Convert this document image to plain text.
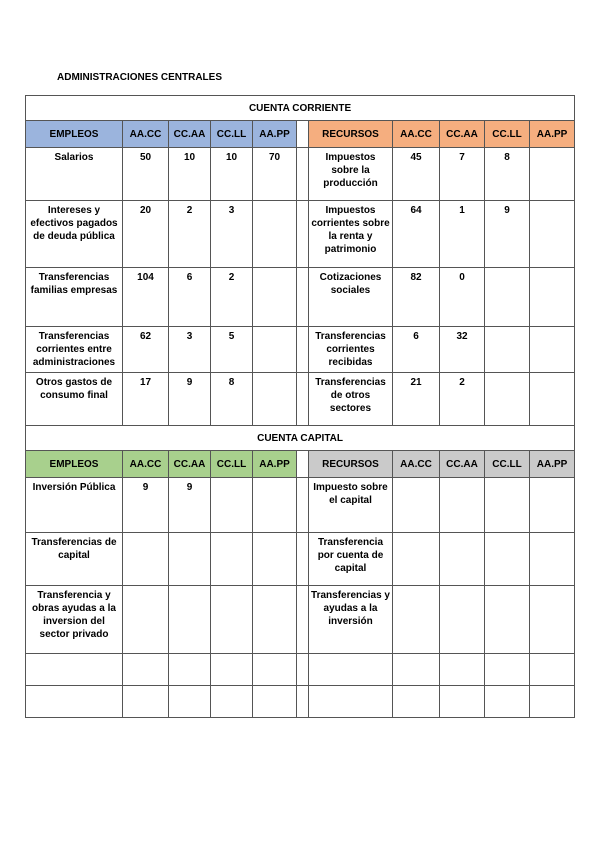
ADMINISTRACIONES CENTRALES
CUENTA CORRIENTE										
EMPLEOS	AA.CC	CC.AA	CC.LL	AA.PP		RECURSOS	AA.CC	CC.AA	CC.LL	AA.PP
Salarios	50	10	10	70		Impuestos sobre la producción	45	7	8	
Intereses y efectivos pagados de deuda pública	20	2	3			Impuestos corrientes sobre la renta y patrimonio	64	1	9	
Transferencias familias empresas	104	6	2			Cotizaciones sociales	82	0		
Transferencias corrientes entre administraciones	62	3	5			Transferencias corrientes recibidas	6	32		
Otros gastos de consumo final	17	9	8			Transferencias de otros sectores	21	2		
CUENTA CAPITAL										
EMPLEOS	AA.CC	CC.AA	CC.LL	AA.PP		RECURSOS	AA.CC	CC.AA	CC.LL	AA.PP
Inversión Pública	9	9				Impuesto sobre el capital				
Transferencias de capital						Transferencia por cuenta de capital				
Transferencia y obras ayudas a la inversion del sector privado						Transferencias y ayudas a la inversión				
